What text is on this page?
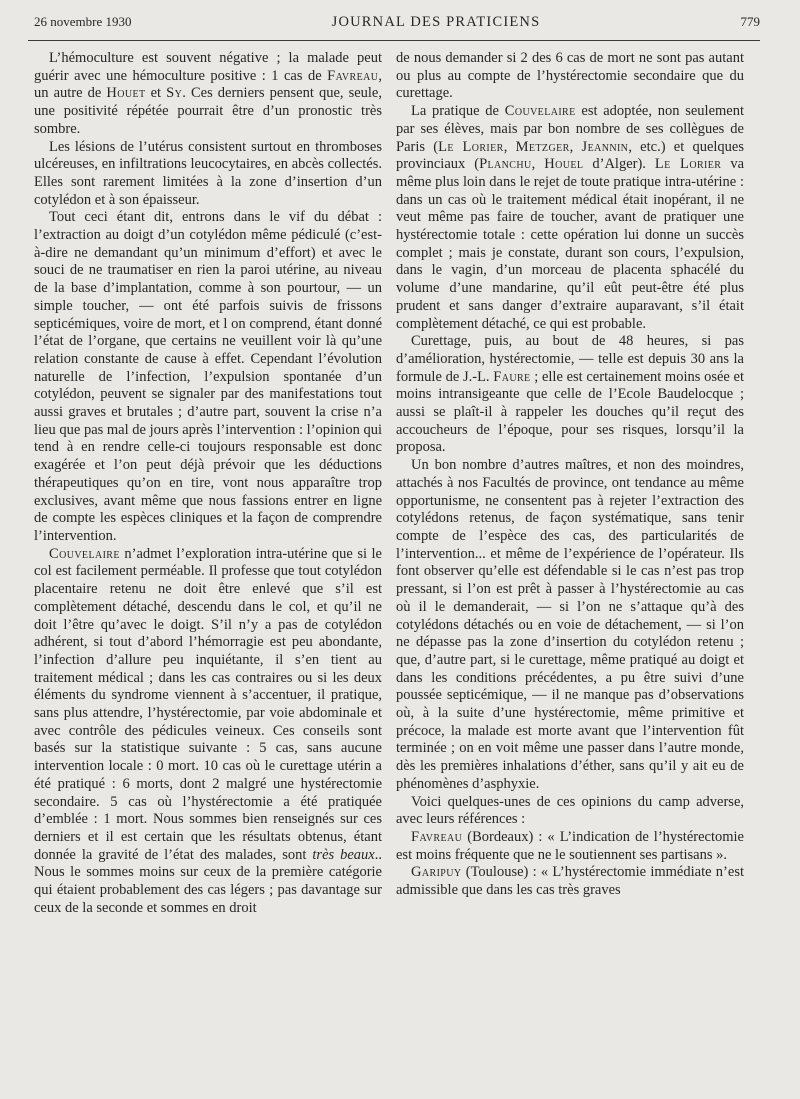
26 novembre 1930	JOURNAL DES PRATICIENS	779

L’hémoculture est souvent négative ; la malade peut guérir avec une hémoculture positive : 1 cas de Favreau, un autre de Houet et Sy. Ces derniers pensent que, seule, une positivité répétée pourrait être d’un pronostic très sombre.

Les lésions de l’utérus consistent surtout en thromboses ulcéreuses, en infiltrations leucocytaires, en abcès collectés. Elles sont rarement limitées à la zone d’insertion d’un cotylédon et à son épaisseur.

Tout ceci étant dit, entrons dans le vif du débat : l’extraction au doigt d’un cotylédon même pédiculé (c’est-à-dire ne demandant qu’un minimum d’effort) et avec le souci de ne traumatiser en rien la paroi utérine, au niveau de la base d’implantation, comme à son pourtour, — un simple toucher, — ont été parfois suivis de frissons septicémiques, voire de mort, et l on comprend, étant donné l’état de l’organe, que certains ne veuillent voir là qu’une relation constante de cause à effet. Cependant l’évolution naturelle de l’infection, l’expulsion spontanée d’un cotylédon, peuvent se signaler par des manifestations tout aussi graves et brutales ; d’autre part, souvent la crise n’a lieu que pas mal de jours après l’intervention : l’opinion qui tend à en rendre celle-ci toujours responsable est donc exagérée et l’on peut déjà prévoir que les déductions thérapeutiques qu’on en tire, vont nous apparaître trop exclusives, avant même que nous fassions entrer en ligne de compte les espèces cliniques et la façon de comprendre l’intervention.

Couvelaire n’admet l’exploration intra-utérine que si le col est facilement perméable. Il professe que tout cotylédon placentaire retenu ne doit être enlevé que s’il est complètement détaché, descendu dans le col, et qu’il ne doit l’être qu’avec le doigt. S’il n’y a pas de cotylédon adhérent, si tout d’abord l’hémorragie est peu abondante, l’infection d’allure peu inquiétante, il s’en tient au traitement médical ; dans les cas contraires ou si les deux éléments du syndrome viennent à s’accentuer, il pratique, sans plus attendre, l’hystérectomie, par voie abdominale et avec contrôle des pédicules veineux. Ces conseils sont basés sur la statistique suivante : 5 cas, sans aucune intervention locale : 0 mort. 10 cas où le curettage utérin a été pratiqué : 6 morts, dont 2 malgré une hystérectomie secondaire. 5 cas où l’hystérectomie a été pratiquée d’emblée : 1 mort. Nous sommes bien renseignés sur ces derniers et il est certain que les résultats obtenus, étant donnée la gravité de l’état des malades, sont très beaux.. Nous le sommes moins sur ceux de la première catégorie qui étaient probablement des cas légers ; pas davantage sur ceux de la seconde et sommes en droit

de nous demander si 2 des 6 cas de mort ne sont pas autant ou plus au compte de l’hystérectomie secondaire que du curettage.

La pratique de Couvelaire est adoptée, non seulement par ses élèves, mais par bon nombre de ses collègues de Paris (Le Lorier, Metzger, Jeannin, etc.) et quelques provinciaux (Planchu, Houel d’Alger). Le Lorier va même plus loin dans le rejet de toute pratique intra-utérine : dans un cas où le traitement médical était inopérant, il ne veut même pas faire de toucher, avant de pratiquer une hystérectomie totale : cette opération lui donne un succès complet ; mais je constate, durant son cours, l’expulsion, dans le vagin, d’un morceau de placenta sphacélé du volume d’une mandarine, qu’il eût peut-être été plus prudent et sans danger d’extraire auparavant, s’il était complètement détaché, ce qui est probable.

Curettage, puis, au bout de 48 heures, si pas d’amélioration, hystérectomie, — telle est depuis 30 ans la formule de J.-L. Faure ; elle est certainement moins osée et moins intransigeante que celle de l’Ecole Baudelocque ; aussi se plaît-il à rappeler les douches qu’il reçut des accoucheurs de l’époque, pour ses risques, lorsqu’il la proposa.

Un bon nombre d’autres maîtres, et non des moindres, attachés à nos Facultés de province, ont tendance au même opportunisme, ne consentent pas à rejeter l’extraction des cotylédons retenus, de façon systématique, sans tenir compte de l’espèce des cas, des particularités de l’intervention... et même de l’expérience de l’opérateur. Ils font observer qu’elle est défendable si le cas n’est pas trop pressant, si l’on est prêt à passer à l’hystérectomie au cas où il le demanderait, — si l’on ne s’attaque qu’à des cotylédons détachés ou en voie de détachement, — si l’on ne dépasse pas la zone d’insertion du cotylédon retenu ; que, d’autre part, si le curettage, même pratiqué au doigt et dans les conditions précédentes, a pu être suivi d’une poussée septicémique, — il ne manque pas d’observations où, à la suite d’une hystérectomie, même primitive et précoce, la malade est morte avant que l’intervention fût terminée ; on en voit même une passer dans l’autre monde, dès les premières inhalations d’éther, sans qu’il y ait eu de phénomènes d’asphyxie.

Voici quelques-unes de ces opinions du camp adverse, avec leurs références :

Favreau (Bordeaux) : « L’indication de l’hystérectomie est moins fréquente que ne le soutiennent ses partisans ».

Garipuy (Toulouse) : « L’hystérectomie immédiate n’est admissible que dans les cas très graves
